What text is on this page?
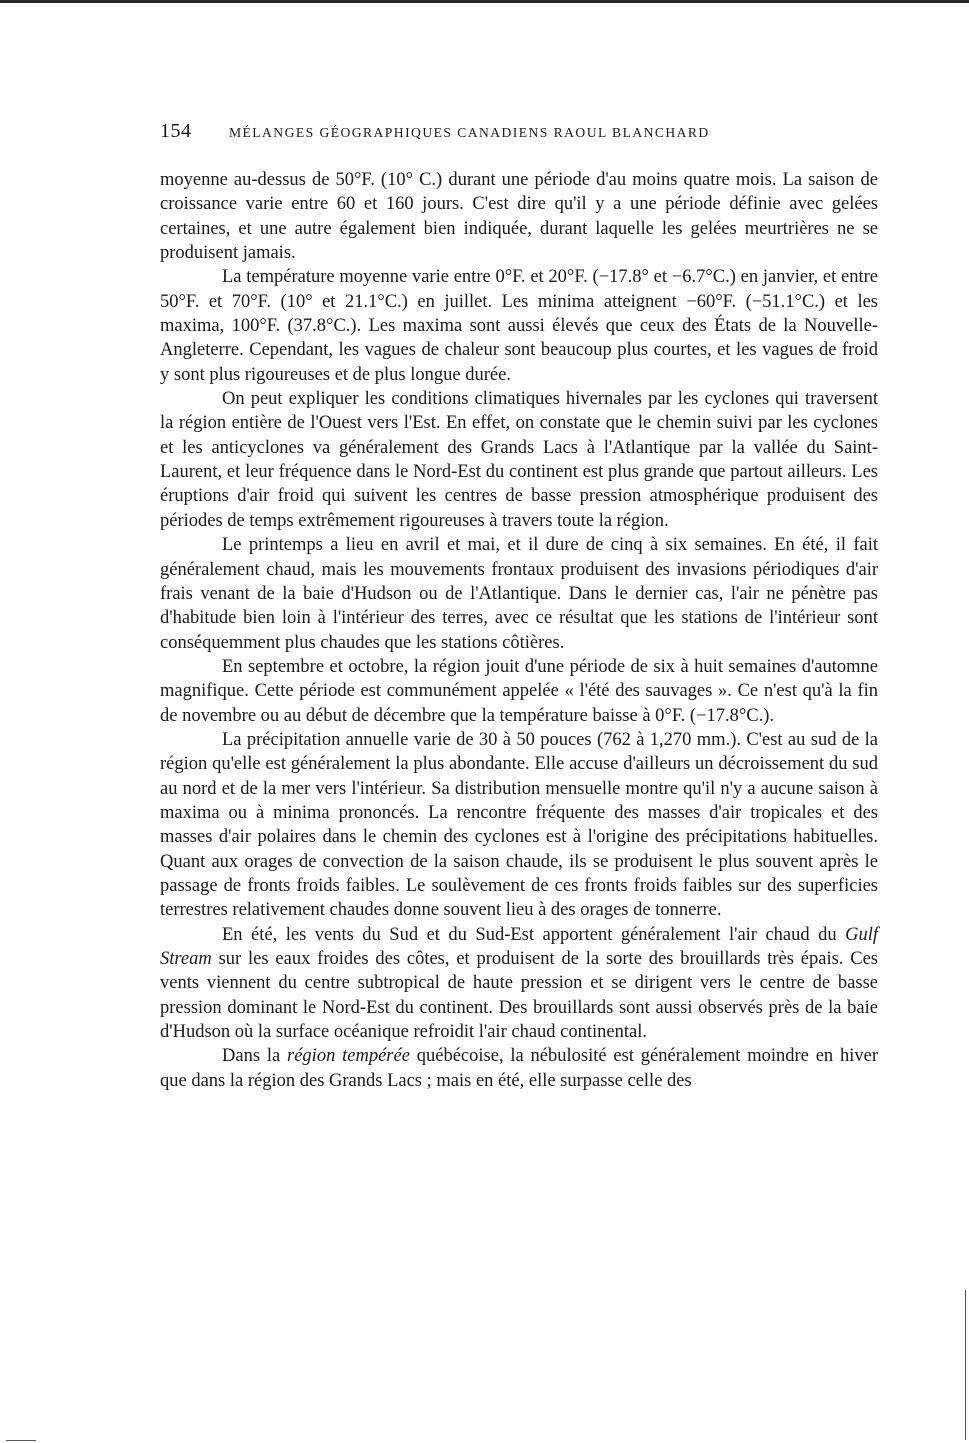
154	MÉLANGES GÉOGRAPHIQUES CANADIENS RAOUL BLANCHARD

moyenne au-dessus de 50°F. (10° C.) durant une période d'au moins quatre mois. La saison de croissance varie entre 60 et 160 jours. C'est dire qu'il y a une période définie avec gelées certaines, et une autre également bien indiquée, durant laquelle les gelées meurtrières ne se produisent jamais.

La température moyenne varie entre 0°F. et 20°F. (−17.8° et −6.7°C.) en janvier, et entre 50°F. et 70°F. (10° et 21.1°C.) en juillet. Les minima atteignent −60°F. (−51.1°C.) et les maxima, 100°F. (37.8°C.). Les maxima sont aussi élevés que ceux des États de la Nouvelle-Angleterre. Cependant, les vagues de chaleur sont beaucoup plus courtes, et les vagues de froid y sont plus rigoureuses et de plus longue durée.

On peut expliquer les conditions climatiques hivernales par les cyclones qui traversent la région entière de l'Ouest vers l'Est. En effet, on constate que le chemin suivi par les cyclones et les anticyclones va généralement des Grands Lacs à l'Atlantique par la vallée du Saint-Laurent, et leur fréquence dans le Nord-Est du continent est plus grande que partout ailleurs. Les éruptions d'air froid qui suivent les centres de basse pression atmosphérique produisent des périodes de temps extrêmement rigoureuses à travers toute la région.

Le printemps a lieu en avril et mai, et il dure de cinq à six semaines. En été, il fait généralement chaud, mais les mouvements frontaux produisent des invasions périodiques d'air frais venant de la baie d'Hudson ou de l'Atlantique. Dans le dernier cas, l'air ne pénètre pas d'habitude bien loin à l'intérieur des terres, avec ce résultat que les stations de l'intérieur sont conséquemment plus chaudes que les stations côtières.

En septembre et octobre, la région jouit d'une période de six à huit semaines d'automne magnifique. Cette période est communément appelée « l'été des sauvages ». Ce n'est qu'à la fin de novembre ou au début de décembre que la température baisse à 0°F. (−17.8°C.).

La précipitation annuelle varie de 30 à 50 pouces (762 à 1,270 mm.). C'est au sud de la région qu'elle est généralement la plus abondante. Elle accuse d'ailleurs un décroissement du sud au nord et de la mer vers l'intérieur. Sa distribution mensuelle montre qu'il n'y a aucune saison à maxima ou à minima prononcés. La rencontre fréquente des masses d'air tropicales et des masses d'air polaires dans le chemin des cyclones est à l'origine des précipitations habituelles. Quant aux orages de convection de la saison chaude, ils se produisent le plus souvent après le passage de fronts froids faibles. Le soulèvement de ces fronts froids faibles sur des superficies terrestres relativement chaudes donne souvent lieu à des orages de tonnerre.

En été, les vents du Sud et du Sud-Est apportent généralement l'air chaud du Gulf Stream sur les eaux froides des côtes, et produisent de la sorte des brouillards très épais. Ces vents viennent du centre subtropical de haute pression et se dirigent vers le centre de basse pression dominant le Nord-Est du continent. Des brouillards sont aussi observés près de la baie d'Hudson où la surface océanique refroidit l'air chaud continental.

Dans la région tempérée québécoise, la nébulosité est généralement moindre en hiver que dans la région des Grands Lacs ; mais en été, elle surpasse celle des
